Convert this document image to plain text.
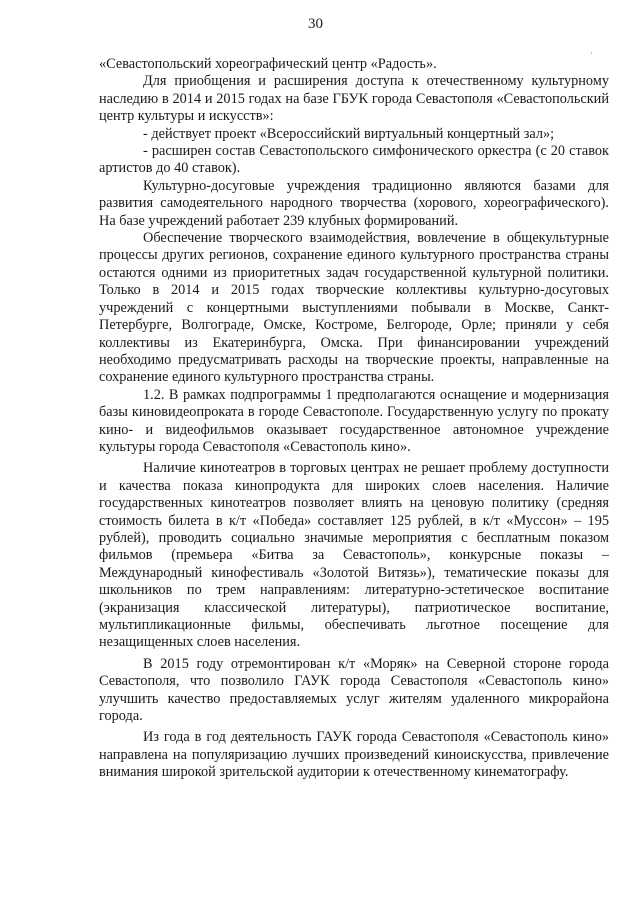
30
·

«Севастопольский хореографический центр «Радость».

Для приобщения и расширения доступа к отечественному культурному наследию в 2014 и 2015 годах на базе ГБУК города Севастополя «Севастопольский центр культуры и искусств»:

- действует проект «Всероссийский виртуальный концертный зал»;

- расширен состав Севастопольского симфонического оркестра (с 20 ставок артистов до 40 ставок).

Культурно-досуговые учреждения традиционно являются базами для развития самодеятельного народного творчества (хорового, хореографического). На базе учреждений работает 239 клубных формирований.

Обеспечение творческого взаимодействия, вовлечение в общекультурные процессы других регионов, сохранение единого культурного пространства страны остаются одними из приоритетных задач государственной культурной политики. Только в 2014 и 2015 годах творческие коллективы культурно-досуговых учреждений с концертными выступлениями побывали в Москве, Санкт-Петербурге, Волгограде, Омске, Костроме, Белгороде, Орле; приняли у себя коллективы из Екатеринбурга, Омска. При финансировании учреждений необходимо предусматривать расходы на творческие проекты, направленные на сохранение единого культурного пространства страны.

1.2. В рамках подпрограммы 1 предполагаются оснащение и модернизация базы киновидеопроката в городе Севастополе. Государственную услугу по прокату кино- и видеофильмов оказывает государственное автономное учреждение культуры города Севастополя «Севастополь кино».

Наличие кинотеатров в торговых центрах не решает проблему доступности и качества показа кинопродукта для широких слоев населения. Наличие государственных кинотеатров позволяет влиять на ценовую политику (средняя стоимость билета в к/т «Победа» составляет 125 рублей, в к/т «Муссон» – 195 рублей), проводить социально значимые мероприятия с бесплатным показом фильмов (премьера «Битва за Севастополь», конкурсные показы – Международный кинофестиваль «Золотой Витязь»), тематические показы для школьников по трем направлениям: литературно-эстетическое воспитание (экранизация классической литературы), патриотическое воспитание, мультипликационные фильмы, обеспечивать льготное посещение для незащищенных слоев населения.

В 2015 году отремонтирован к/т «Моряк» на Северной стороне города Севастополя, что позволило ГАУК города Севастополя «Севастополь кино» улучшить качество предоставляемых услуг жителям удаленного микрорайона города.

Из года в год деятельность ГАУК города Севастополя «Севастополь кино» направлена на популяризацию лучших произведений киноискусства, привлечение внимания широкой зрительской аудитории к отечественному кинематографу.
